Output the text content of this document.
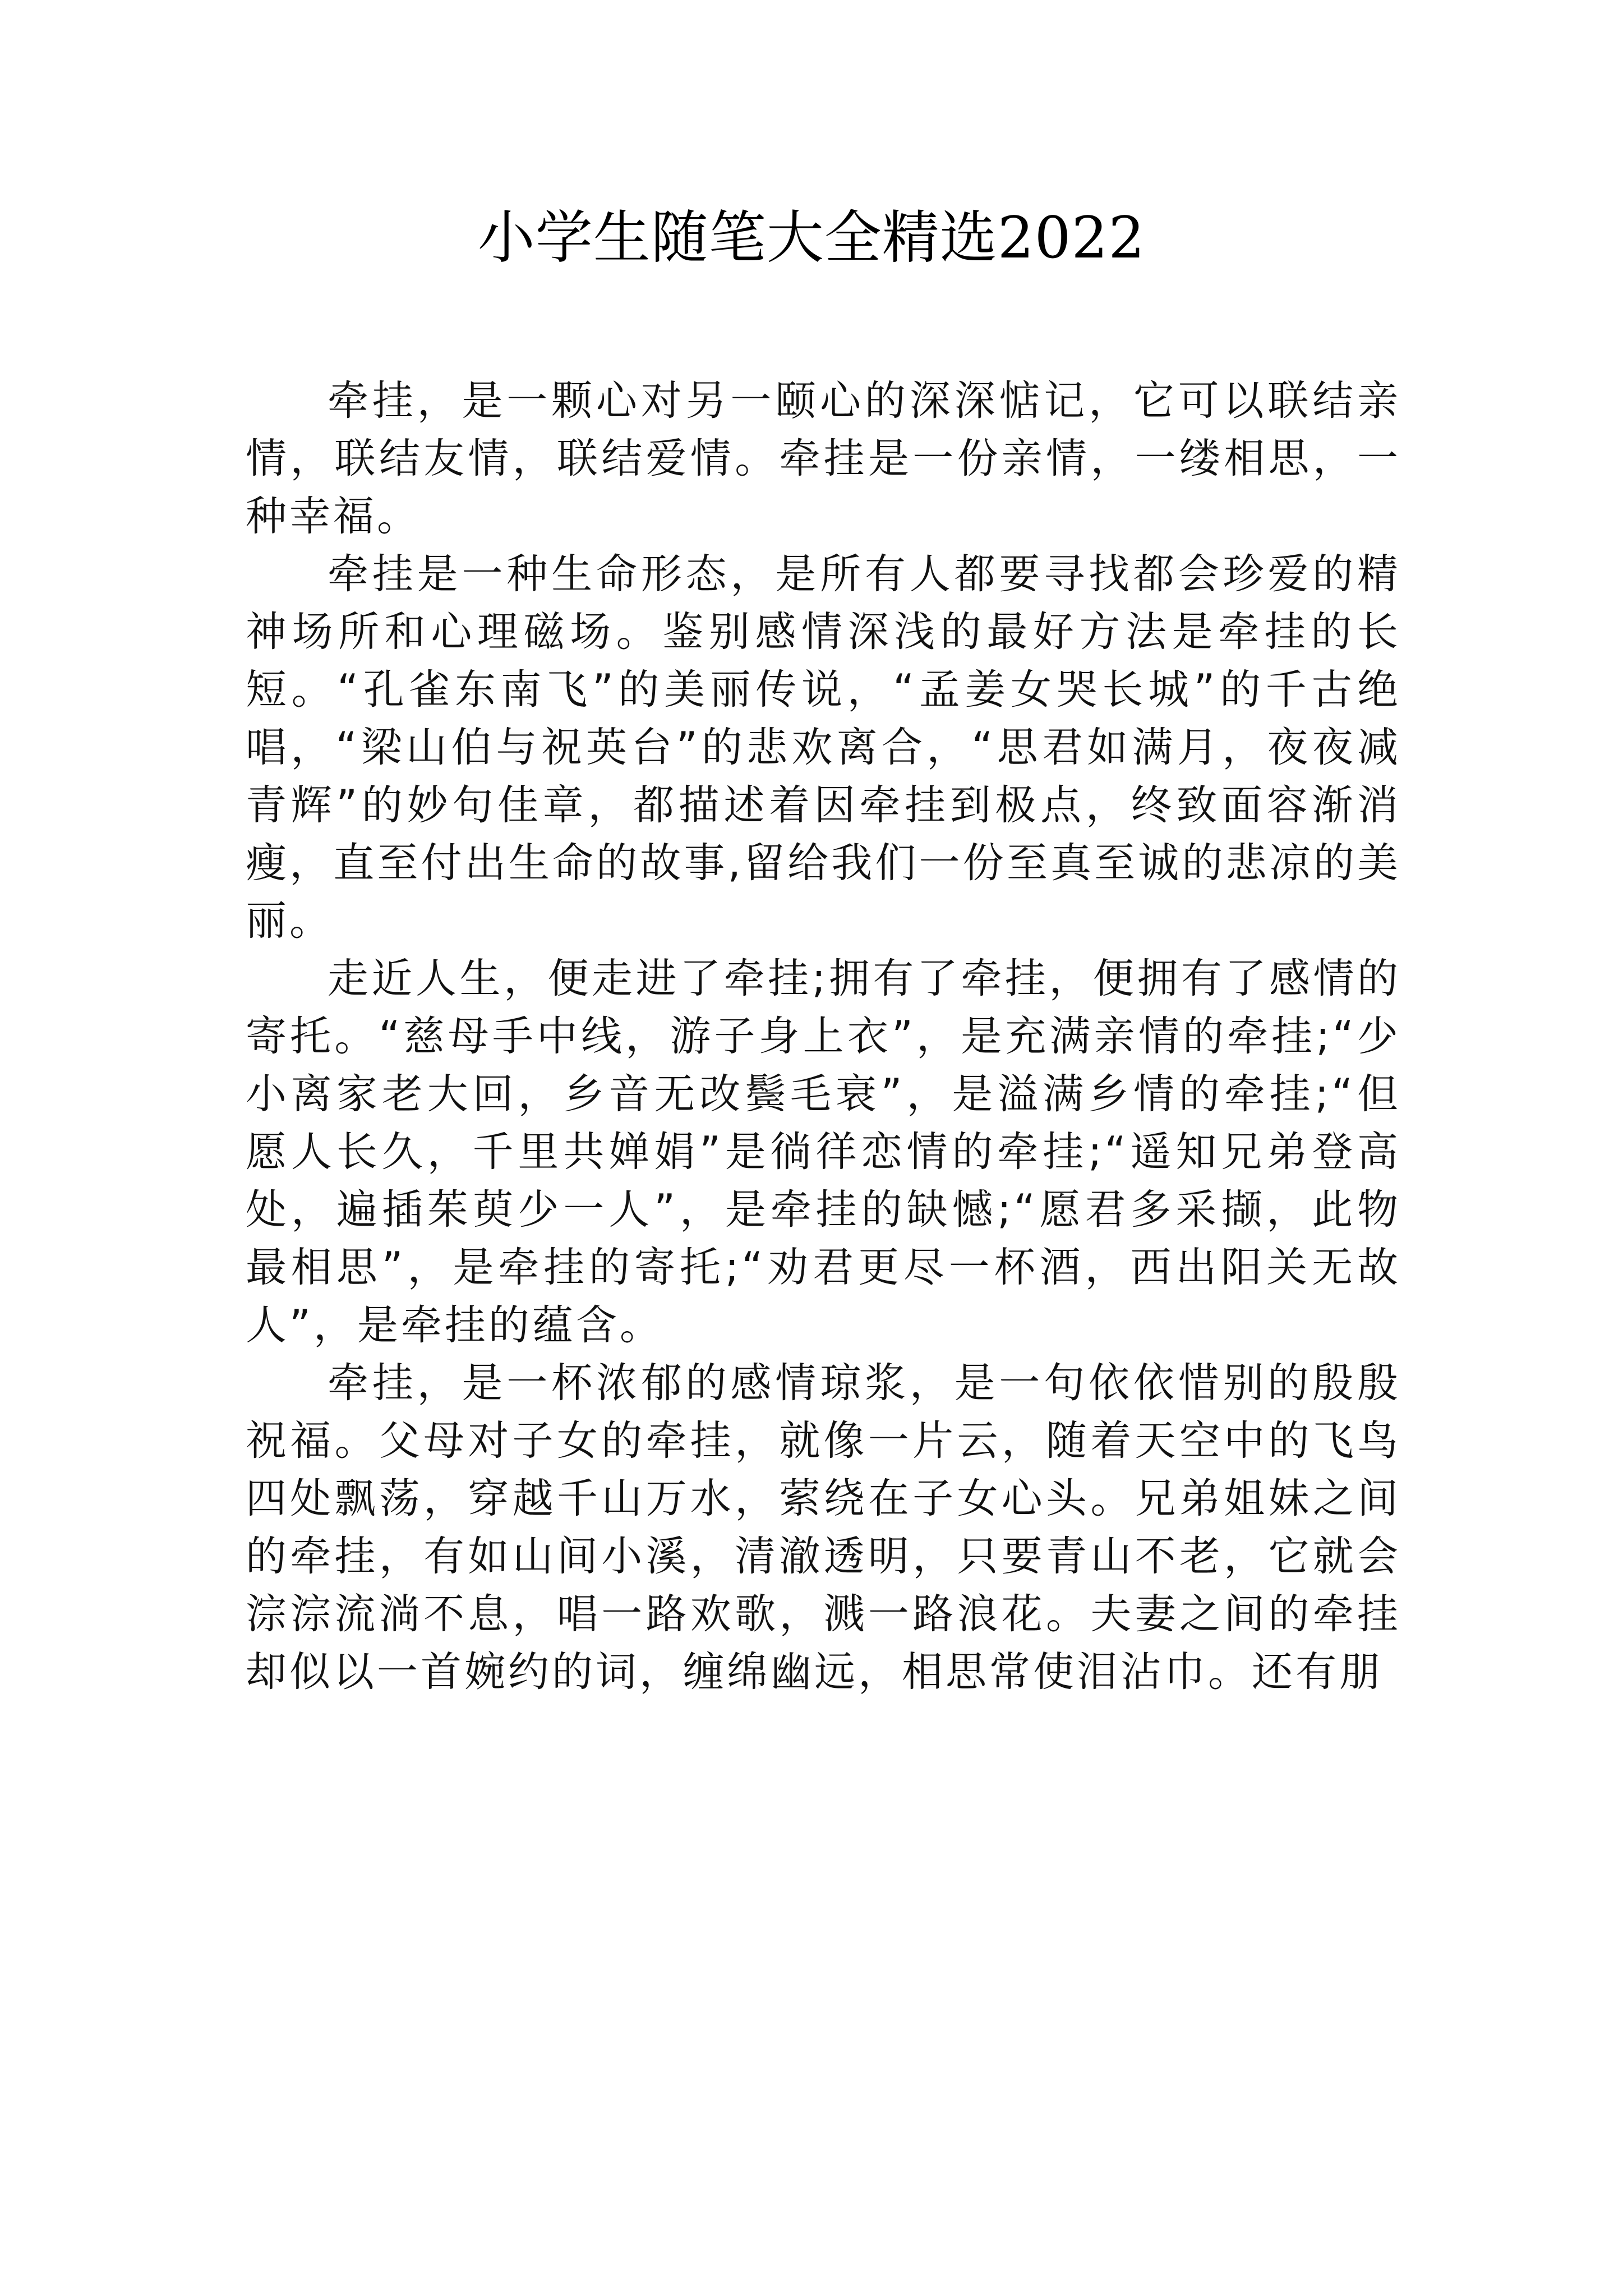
小学生随笔大全精选2022

牵挂，是一颗心对另一颐心的深深惦记，它可以联结亲情，联结友情，联结爱情。牵挂是一份亲情，一缕相思，一种幸福。

牵挂是一种生命形态，是所有人都要寻找都会珍爱的精神场所和心理磁场。鉴别感情深浅的最好方法是牵挂的长短。“孔雀东南飞”的美丽传说，“孟姜女哭长城”的千古绝唱，“梁山伯与祝英台”的悲欢离合，“思君如满月，夜夜减青辉”的妙句佳章，都描述着因牵挂到极点，终致面容渐消瘦，直至付出生命的故事,留给我们一份至真至诚的悲凉的美丽。

走近人生，便走进了牵挂;拥有了牵挂，便拥有了感情的寄托。“慈母手中线，游子身上衣”，是充满亲情的牵挂;“少小离家老大回，乡音无改鬓毛衰”，是溢满乡情的牵挂;“但愿人长久，千里共婵娟”是徜徉恋情的牵挂;“遥知兄弟登高处，遍插茱萸少一人”，是牵挂的缺憾;“愿君多采撷，此物最相思”，是牵挂的寄托;“劝君更尽一杯酒，西出阳关无故人”，是牵挂的蕴含。

牵挂，是一杯浓郁的感情琼浆，是一句依依惜别的殷殷祝福。父母对子女的牵挂，就像一片云，随着天空中的飞鸟四处飘荡，穿越千山万水，萦绕在子女心头。兄弟姐妹之间的牵挂，有如山间小溪，清澈透明，只要青山不老，它就会淙淙流淌不息，唱一路欢歌，溅一路浪花。夫妻之间的牵挂却似以一首婉约的词，缠绵幽远，相思常使泪沾巾。还有朋
